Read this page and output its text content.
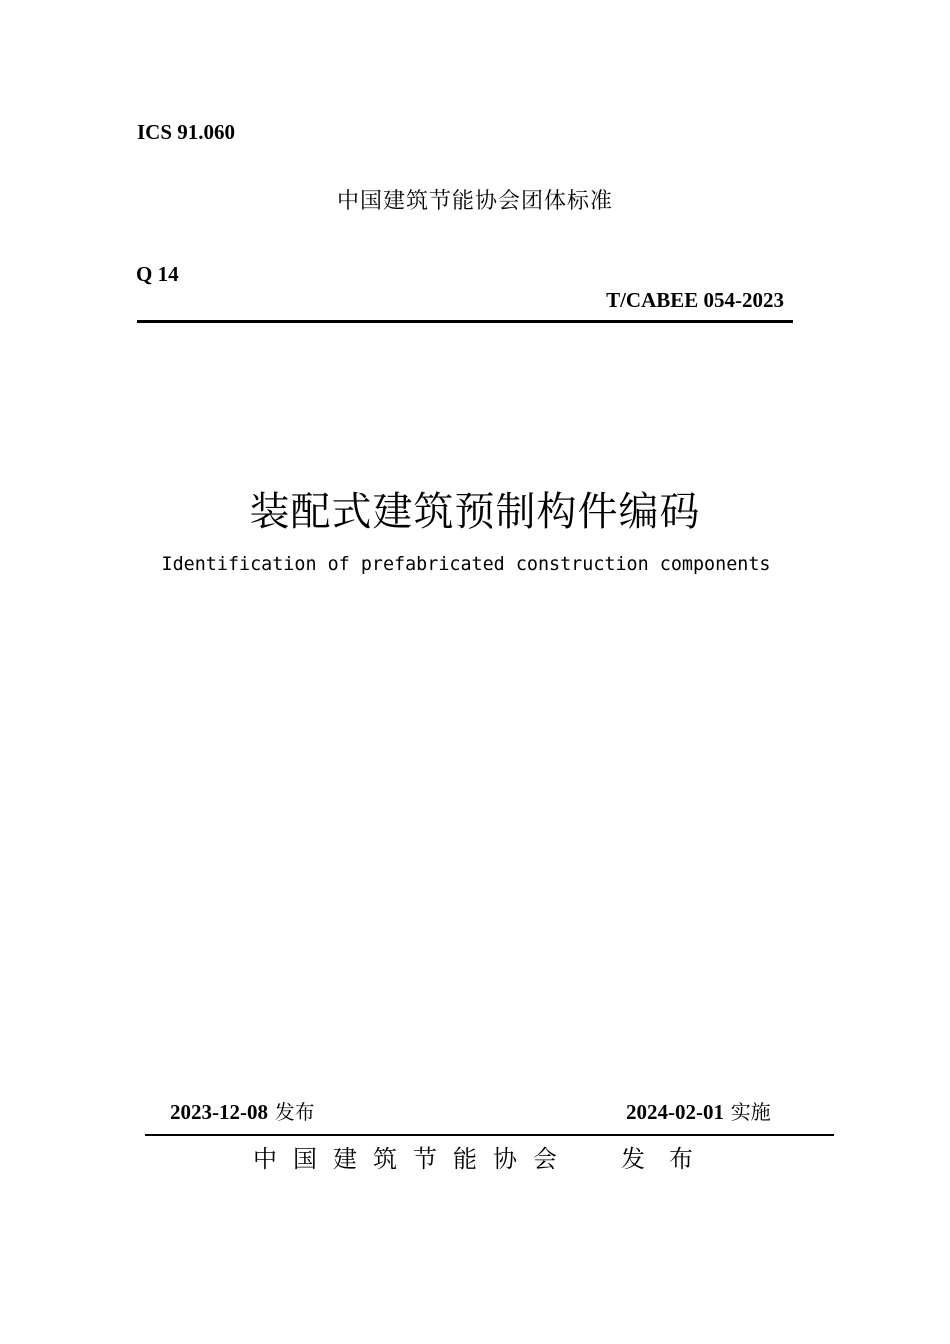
ICS 91.060
中国建筑节能协会团体标准
Q 14
T/CABEE 054-2023
装配式建筑预制构件编码
Identification of prefabricated construction components
2023-12-08 发布	2024-02-01 实施
中国建筑节能协会 发布
